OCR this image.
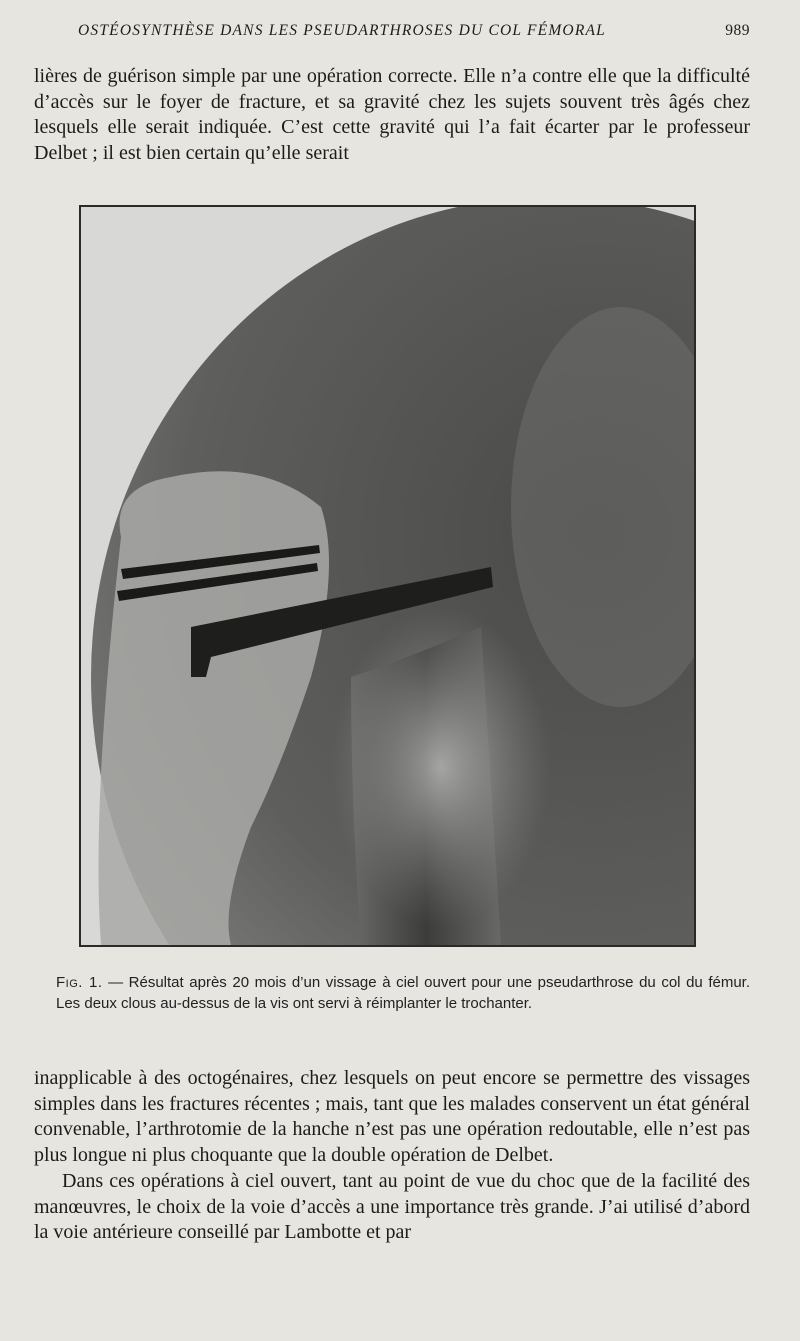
OSTÉOSYNTHÈSE DANS LES PSEUDARTHROSES DU COL FÉMORAL	989

lières de guérison simple par une opération correcte. Elle n’a contre elle que la difficulté d’accès sur le foyer de fracture, et sa gravité chez les sujets souvent très âgés chez lesquels elle serait indiquée. C’est cette gravité qui l’a fait écarter par le professeur Delbet ; il est bien certain qu’elle serait

Fig. 1. — Résultat après 20 mois d’un vissage à ciel ouvert pour une pseudarthrose du col du fémur. Les deux clous au-dessus de la vis ont servi à réimplanter le trochanter.

inapplicable à des octogénaires, chez lesquels on peut encore se permettre des vissages simples dans les fractures récentes ; mais, tant que les malades conservent un état général convenable, l’arthrotomie de la hanche n’est pas une opération redoutable, elle n’est pas plus longue ni plus choquante que la double opération de Delbet.

Dans ces opérations à ciel ouvert, tant au point de vue du choc que de la facilité des manœuvres, le choix de la voie d’accès a une importance très grande. J’ai utilisé d’abord la voie antérieure conseillé par Lambotte et par
